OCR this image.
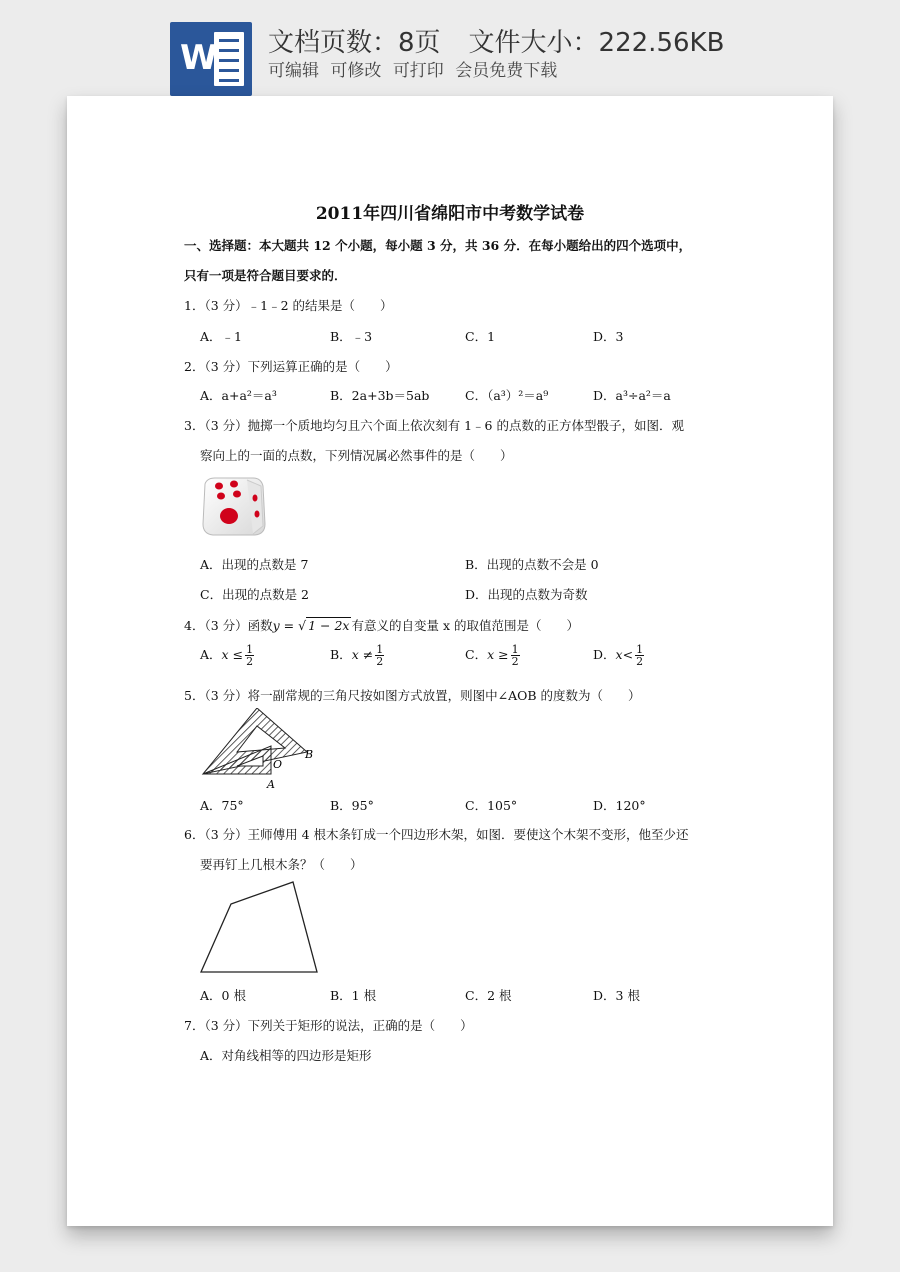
W 文档页数：8页 文件大小：222.56KB
可编辑 可修改 可打印 会员免费下载
2011年四川省绵阳市中考数学试卷
一、选择题：本大题共 12 个小题，每小题 3 分，共 36 分．在每小题给出的四个选项中，
只有一项是符合题目要求的．
1．（3 分）﹣1﹣2 的结果是（　　）
A．﹣1	B．﹣3	C．1	D．3
2．（3 分）下列运算正确的是（　　）
A．a+a²＝a³	B．2a+3b＝5ab	C．（a³）²＝a⁹	D．a³÷a²＝a
3．（3 分）抛掷一个质地均匀且六个面上依次刻有 1﹣6 的点数的正方体型骰子，如图．观
察向上的一面的点数，下列情况属必然事件的是（　　）
A．出现的点数是 7	B．出现的点数不会是 0
C．出现的点数是 2	D．出现的点数为奇数
4．（3 分）函数y = √ 1 − 2x 有意义的自变量 x 的取值范围是（　　）
A．$x \le \frac{1}{2}$	B．$x \ne \frac{1}{2}$	C．$x \ge \frac{1}{2}$	D．$x< \frac{1}{2}$
5．（3 分）将一副常规的三角尺按如图方式放置，则图中∠AOB 的度数为（　　）
B
O
A
A．75°	B．95°	C．105°	D．120°
6．（3 分）王师傅用 4 根木条钉成一个四边形木架，如图．要使这个木架不变形，他至少还
要再钉上几根木条？（　　）
A．0 根	B．1 根	C．2 根	D．3 根
7．（3 分）下列关于矩形的说法，正确的是（　　）
A．对角线相等的四边形是矩形
